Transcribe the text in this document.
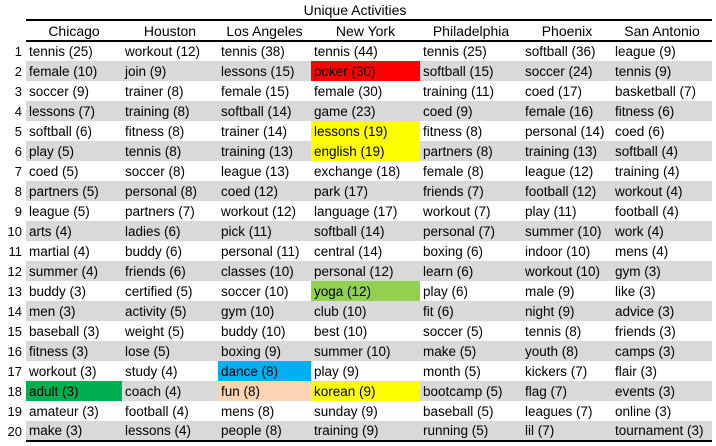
Unique Activities
	Chicago	Houston	Los Angeles	New York	Philadelphia	Phoenix	San Antonio
1	tennis (25)	workout (12)	tennis (38)	tennis (44)	tennis (25)	softball (36)	league (9)
2	female (10)	join (9)	lessons (15)	poker (30)	softball (15)	soccer (24)	tennis (9)
3	soccer (9)	trainer (8)	female (15)	female (30)	training (11)	coed (17)	basketball (7)
4	lessons (7)	training (8)	softball (14)	game (23)	coed (9)	female (16)	fitness (6)
5	softball (6)	fitness (8)	trainer (14)	lessons (19)	fitness (8)	personal (14)	coed (6)
6	play (5)	tennis (8)	training (13)	english (19)	partners (8)	training (13)	softball (4)
7	coed (5)	soccer (8)	league (13)	exchange (18)	female (8)	league (12)	training (4)
8	partners (5)	personal (8)	coed (12)	park (17)	friends (7)	football (12)	workout (4)
9	league (5)	partners (7)	workout (12)	language (17)	workout (7)	play (11)	football (4)
10	arts (4)	ladies (6)	pick (11)	softball (14)	personal (7)	summer (10)	work (4)
11	martial (4)	buddy (6)	personal (11)	central (14)	boxing (6)	indoor (10)	mens (4)
12	summer (4)	friends (6)	classes (10)	personal (12)	learn (6)	workout (10)	gym (3)
13	buddy (3)	certified (5)	soccer (10)	yoga (12)	play (6)	male (9)	like (3)
14	men (3)	activity (5)	gym (10)	club (10)	fit (6)	night (9)	advice (3)
15	baseball (3)	weight (5)	buddy (10)	best (10)	soccer (5)	tennis (8)	friends (3)
16	fitness (3)	lose (5)	boxing (9)	summer (10)	make (5)	youth (8)	camps (3)
17	workout (3)	study (4)	dance (8)	play (9)	month (5)	kickers (7)	flair (3)
18	adult (3)	coach (4)	fun (8)	korean (9)	bootcamp (5)	flag (7)	events (3)
19	amateur (3)	football (4)	mens (8)	sunday (9)	baseball (5)	leagues (7)	online (3)
20	make (3)	lessons (4)	people (8)	training (9)	running (5)	lil (7)	tournament (3)
